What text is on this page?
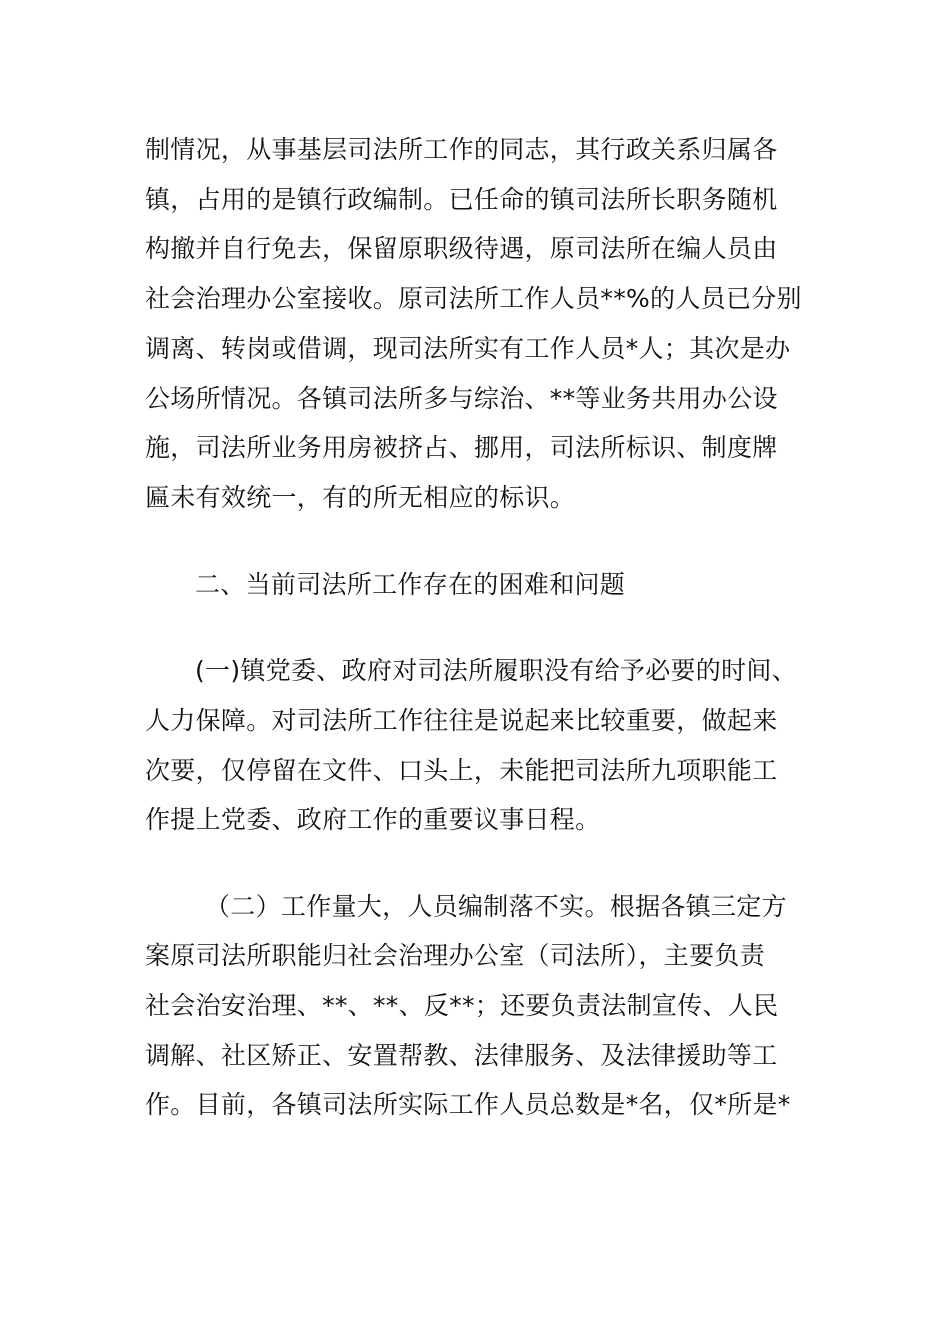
制情况，从事基层司法所工作的同志，其行政关系归属各
镇，占用的是镇行政编制。已任命的镇司法所长职务随机
构撤并自行免去，保留原职级待遇，原司法所在编人员由
社会治理办公室接收。原司法所工作人员**%的人员已分别
调离、转岗或借调，现司法所实有工作人员*人；其次是办
公场所情况。各镇司法所多与综治、**等业务共用办公设
施，司法所业务用房被挤占、挪用，司法所标识、制度牌
匾未有效统一，有的所无相应的标识。
二、当前司法所工作存在的困难和问题
(一)镇党委、政府对司法所履职没有给予必要的时间、
人力保障。对司法所工作往往是说起来比较重要，做起来
次要，仅停留在文件、口头上，未能把司法所九项职能工
作提上党委、政府工作的重要议事日程。
（二）工作量大，人员编制落不实。根据各镇三定方
案原司法所职能归社会治理办公室（司法所），主要负责
社会治安治理、**、**、反**；还要负责法制宣传、人民
调解、社区矫正、安置帮教、法律服务、及法律援助等工
作。目前，各镇司法所实际工作人员总数是*名，仅*所是*
